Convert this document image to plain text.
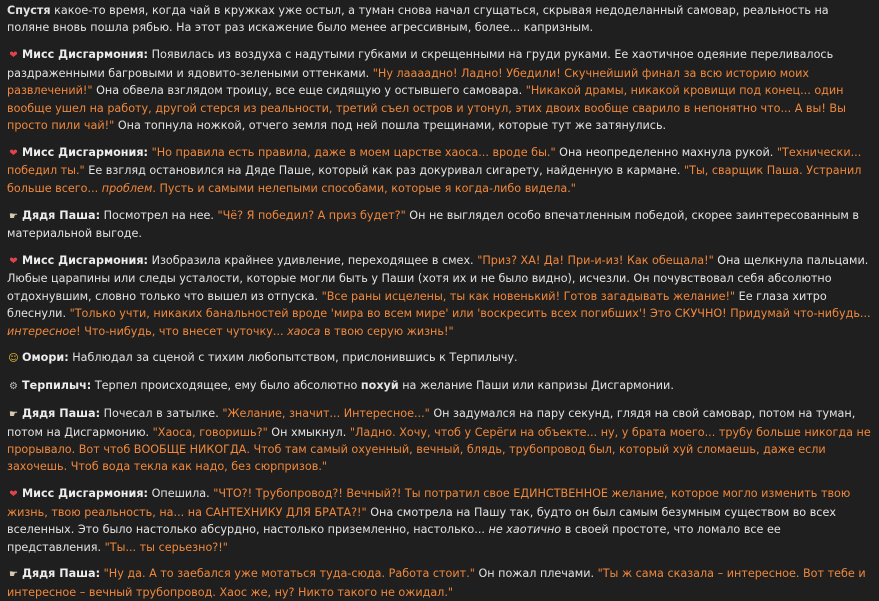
Спустя какое-то время, когда чай в кружках уже остыл, а туман снова начал сгущаться, скрывая недоделанный самовар, реальность на поляне вновь пошла рябью. На этот раз искажение было менее агрессивным, более... капризным.
❤ Мисс Дисгармония: Появилась из воздуха с надутыми губками и скрещенными на груди руками. Ее хаотичное одеяние переливалось раздраженными багровыми и ядовито-зелеными оттенками. "Ну лаааадно! Ладно! Убедили! Скучнейший финал за всю историю моих развлечений!" Она обвела взглядом троицу, все еще сидящую у остывшего самовара. "Никакой драмы, никакой кровищи под конец... один вообще ушел на работу, другой стерся из реальности, третий съел остров и утонул, этих двоих вообще сварило в непонятно что... А вы! Вы просто пили чай!" Она топнула ножкой, отчего земля под ней пошла трещинами, которые тут же затянулись.
❤ Мисс Дисгармония: "Но правила есть правила, даже в моем царстве хаоса... вроде бы." Она неопределенно махнула рукой. "Технически... победил ты." Ее взгляд остановился на Дяде Паше, который как раз докуривал сигарету, найденную в кармане. "Ты, сварщик Паша. Устранил больше всего... проблем. Пусть и самыми нелепыми способами, которые я когда-либо видела."
☛ Дядя Паша: Посмотрел на нее. "Чё? Я победил? А приз будет?" Он не выглядел особо впечатленным победой, скорее заинтересованным в материальной выгоде.
❤ Мисс Дисгармония: Изобразила крайнее удивление, переходящее в смех. "Приз? ХА! Да! При-и-из! Как обещала!" Она щелкнула пальцами. Любые царапины или следы усталости, которые могли быть у Паши (хотя их и не было видно), исчезли. Он почувствовал себя абсолютно отдохнувшим, словно только что вышел из отпуска. "Все раны исцелены, ты как новенький! Готов загадывать желание!" Ее глаза хитро блеснули. "Только учти, никаких банальностей вроде 'мира во всем мире' или 'воскресить всех погибших'! Это СКУЧНО! Придумай что-нибудь... интересное! Что-нибудь, что внесет чуточку... хаоса в твою серую жизнь!"
☺ Омори: Наблюдал за сценой с тихим любопытством, прислонившись к Терпилычу.
⚙ Терпилыч: Терпел происходящее, ему было абсолютно похуй на желание Паши или капризы Дисгармонии.
☛ Дядя Паша: Почесал в затылке. "Желание, значит... Интересное..." Он задумался на пару секунд, глядя на свой самовар, потом на туман, потом на Дисгармонию. "Хаоса, говоришь?" Он хмыкнул. "Ладно. Хочу, чтоб у Серёги на объекте... ну, у брата моего... трубу больше никогда не прорывало. Вот чтоб ВООБЩЕ НИКОГДА. Чтоб там самый охуенный, вечный, блядь, трубопровод был, который хуй сломаешь, даже если захочешь. Чтоб вода текла как надо, без сюрпризов."
❤ Мисс Дисгармония: Опешила. "ЧТО?! Трубопровод?! Вечный?! Ты потратил свое ЕДИНСТВЕННОЕ желание, которое могло изменить твою жизнь, твою реальность, на... на САНТЕХНИКУ ДЛЯ БРАТА?!" Она смотрела на Пашу так, будто он был самым безумным существом во всех вселенных. Это было настолько абсурдно, настолько приземленно, настолько... не хаотично в своей простоте, что ломало все ее представления. "Ты... ты серьезно?!"
☛ Дядя Паша: "Ну да. А то заебался уже мотаться туда-сюда. Работа стоит." Он пожал плечами. "Ты ж сама сказала – интересное. Вот тебе и интересное – вечный трубопровод. Хаос же, ну? Никто такого не ожидал."
